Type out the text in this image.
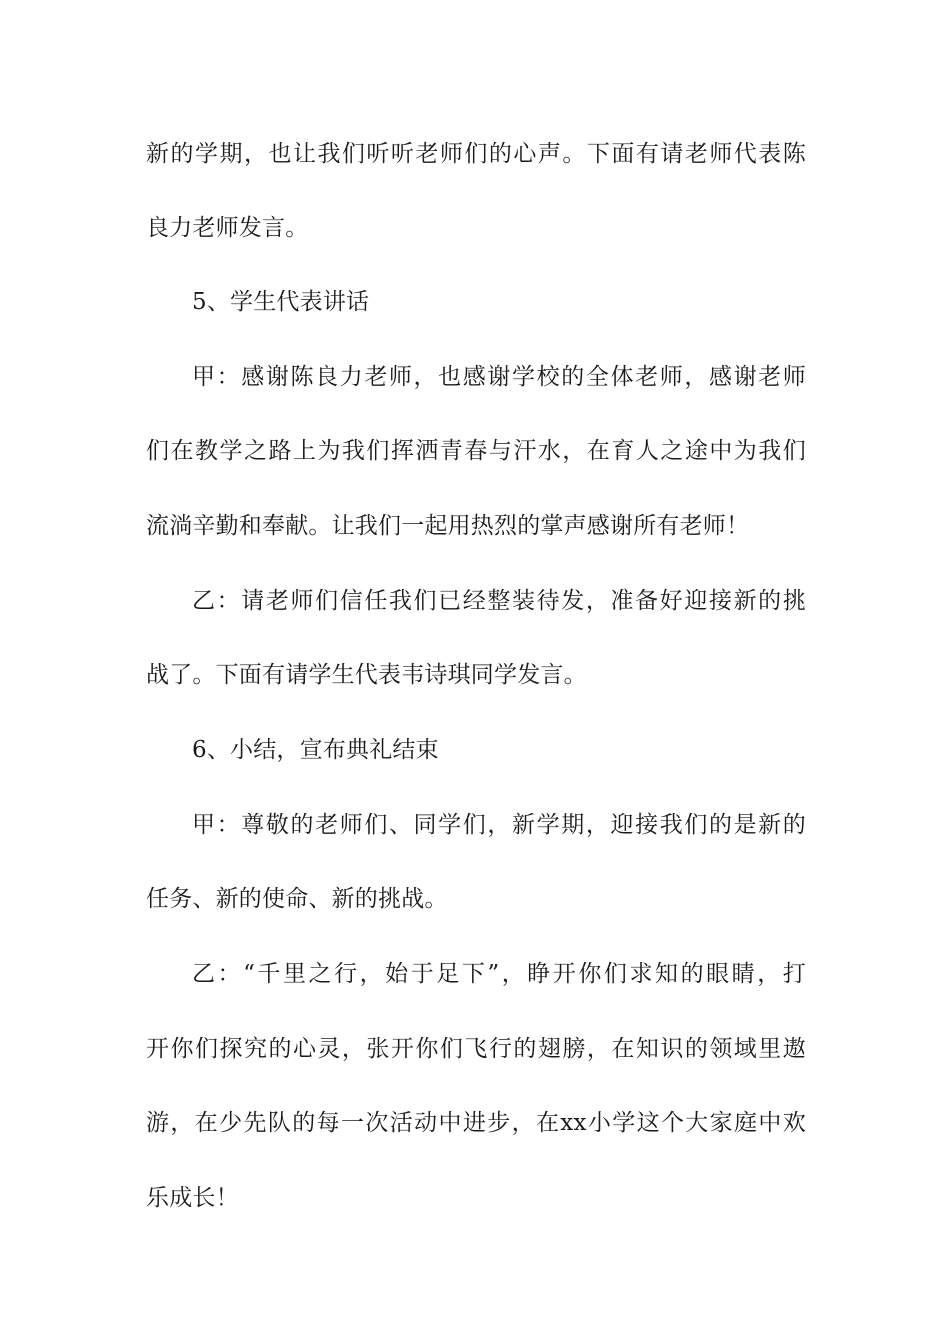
新的学期，也让我们听听老师们的心声。下面有请老师代表陈
良力老师发言。
5、学生代表讲话
甲：感谢陈良力老师，也感谢学校的全体老师，感谢老师
们在教学之路上为我们挥洒青春与汗水，在育人之途中为我们
流淌辛勤和奉献。让我们一起用热烈的掌声感谢所有老师！
乙：请老师们信任我们已经整装待发，准备好迎接新的挑
战了。下面有请学生代表韦诗琪同学发言。
6、小结，宣布典礼结束
甲：尊敬的老师们、同学们，新学期，迎接我们的是新的
任务、新的使命、新的挑战。
乙：“千里之行，始于足下”，睁开你们求知的眼睛，打
开你们探究的心灵，张开你们飞行的翅膀，在知识的领域里遨
游，在少先队的每一次活动中进步，在xx小学这个大家庭中欢
乐成长！
